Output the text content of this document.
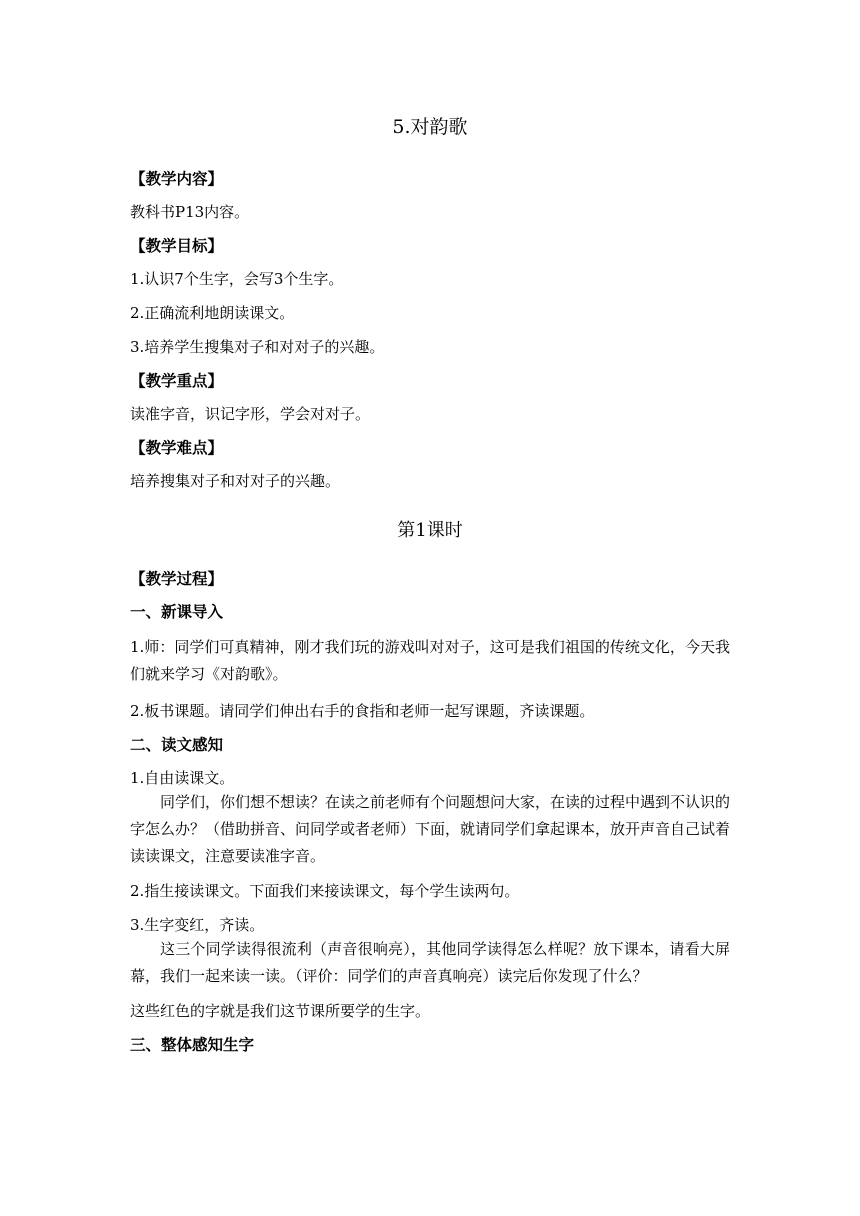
5.对韵歌
【教学内容】
教科书P13内容。
【教学目标】
1.认识7个生字，会写3个生字。
2.正确流利地朗读课文。
3.培养学生搜集对子和对对子的兴趣。
【教学重点】
读准字音，识记字形，学会对对子。
【教学难点】
培养搜集对子和对对子的兴趣。
第1课时
【教学过程】
一、新课导入
1.师：同学们可真精神，刚才我们玩的游戏叫对对子，这可是我们祖国的传统文化，今天我们就来学习《对韵歌》。
2.板书课题。请同学们伸出右手的食指和老师一起写课题，齐读课题。
二、读文感知
1.自由读课文。
同学们，你们想不想读？在读之前老师有个问题想问大家，在读的过程中遇到不认识的字怎么办？（借助拼音、问同学或者老师）下面，就请同学们拿起课本，放开声音自己试着读读课文，注意要读准字音。
2.指生接读课文。下面我们来接读课文，每个学生读两句。
3.生字变红，齐读。
这三个同学读得很流利（声音很响亮），其他同学读得怎么样呢？放下课本，请看大屏幕，我们一起来读一读。（评价：同学们的声音真响亮）读完后你发现了什么？
这些红色的字就是我们这节课所要学的生字。
三、整体感知生字
